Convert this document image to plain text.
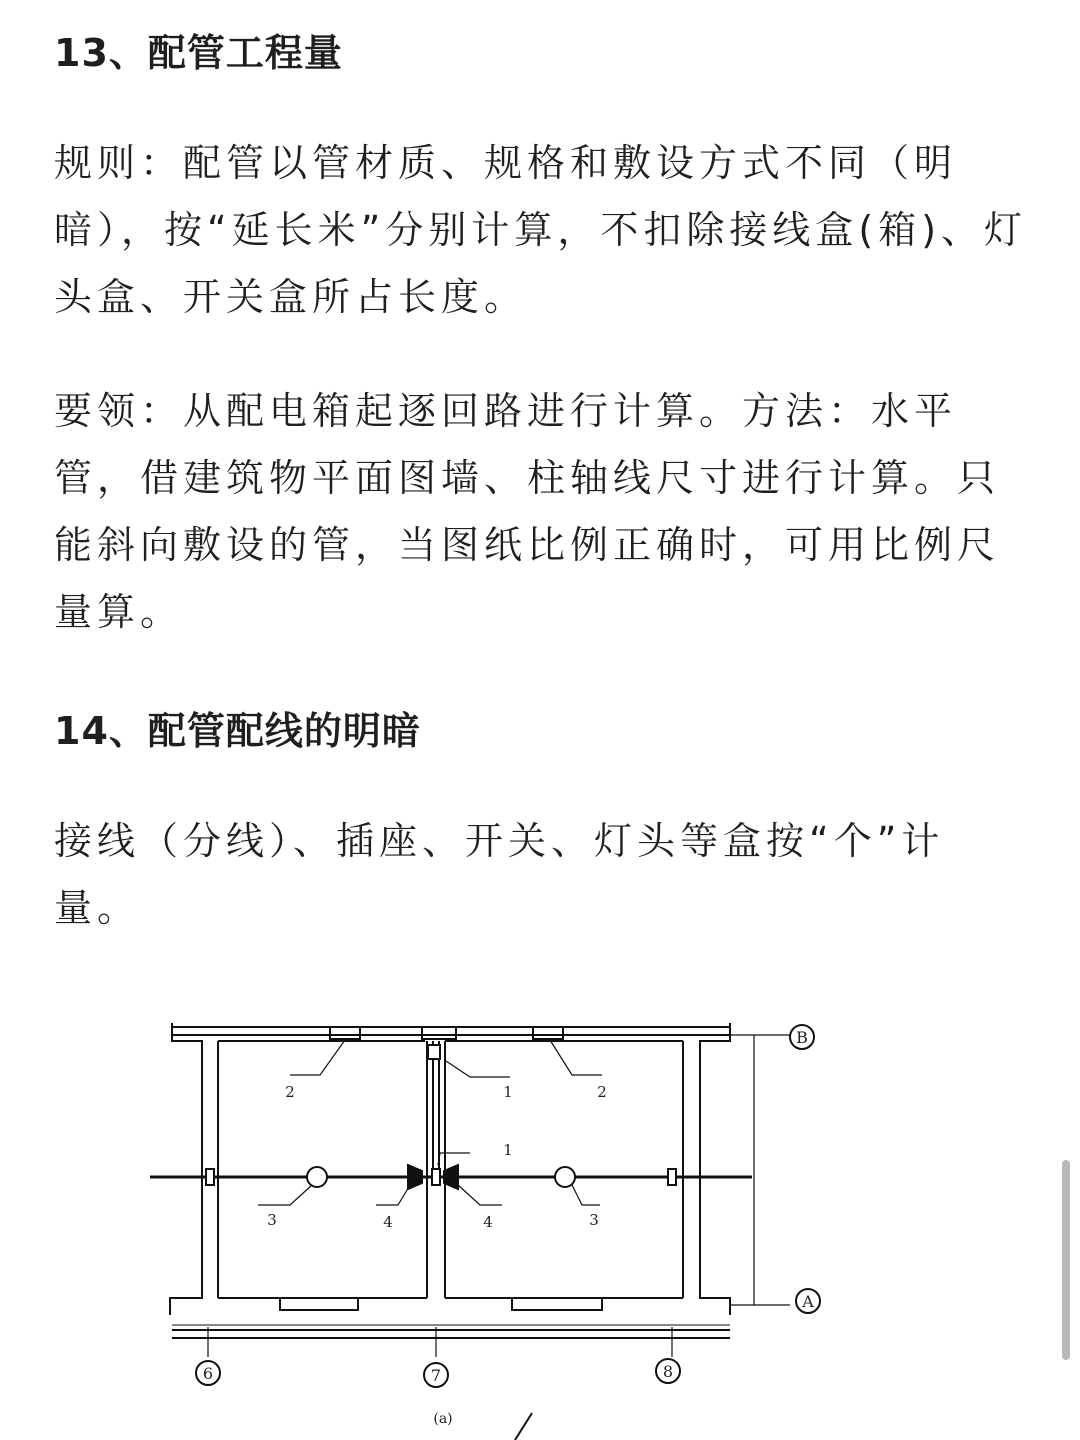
13、配管工程量

规则：配管以管材质、规格和敷设方式不同（明暗），按“延长米”分别计算，不扣除接线盒(箱)、灯头盒、开关盒所占长度。

要领：从配电箱起逐回路进行计算。方法：水平管，借建筑物平面图墙、柱轴线尺寸进行计算。只能斜向敷设的管，当图纸比例正确时，可用比例尺量算。

14、配管配线的明暗

接线（分线）、插座、开关、灯头等盒按“个”计量。

B
A
6	7	8
2	1	2
1
3	4	4	3
(a)
